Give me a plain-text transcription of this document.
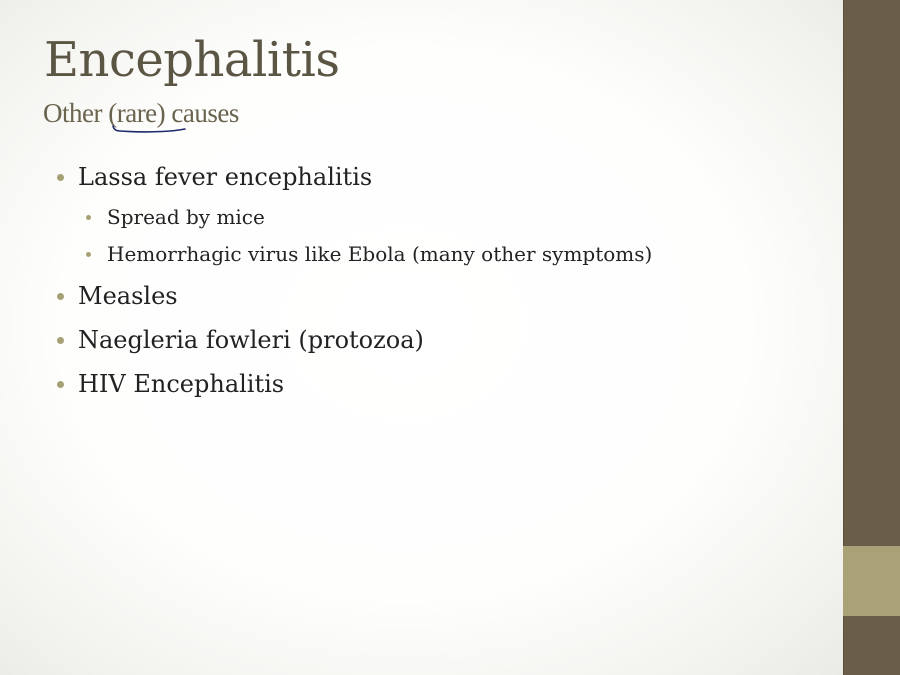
Encephalitis
Other (rare) causes
Lassa fever encephalitis
Spread by mice
Hemorrhagic virus like Ebola (many other symptoms)
Measles
Naegleria fowleri (protozoa)
HIV Encephalitis
